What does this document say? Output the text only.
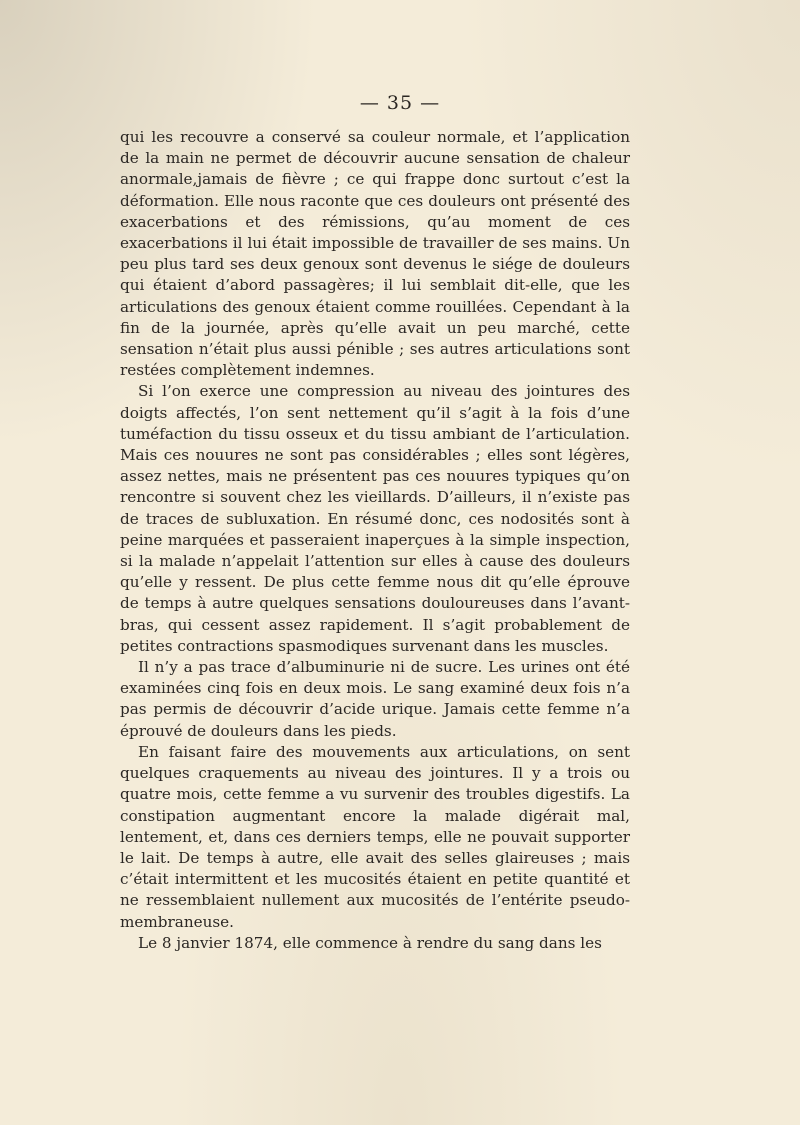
— 35 —

qui les recouvre a conservé sa couleur normale, et l’application de la main ne permet de découvrir aucune sensation de chaleur anormale,jamais de fièvre ; ce qui frappe donc surtout c’est la déformation. Elle nous raconte que ces douleurs ont présenté des exacerbations et des rémissions, qu’au moment de ces exacerbations il lui était impossible de travailler de ses mains. Un peu plus tard ses deux genoux sont devenus le siége de douleurs qui étaient d’abord passagères; il lui semblait dit-elle, que les articulations des genoux étaient comme rouillées. Cependant à la fin de la journée, après qu’elle avait un peu marché, cette sensation n’était plus aussi pénible ; ses autres articulations sont restées complètement indemnes.

Si l’on exerce une compression au niveau des jointures des doigts affectés, l’on sent nettement qu’il s’agit à la fois d’une tuméfaction du tissu osseux et du tissu ambiant de l’articulation. Mais ces nouures ne sont pas considérables ; elles sont légères, assez nettes, mais ne présentent pas ces nouures typiques qu’on rencontre si souvent chez les vieillards. D’ailleurs, il n’existe pas de traces de subluxation. En résumé donc, ces nodosités sont à peine marquées et passeraient inaperçues à la simple inspection, si la malade n’appelait l’attention sur elles à cause des douleurs qu’elle y ressent. De plus cette femme nous dit qu’elle éprouve de temps à autre quelques sensations douloureuses dans l’avant-bras, qui cessent assez rapidement. Il s’agit probablement de petites contractions spasmodiques survenant dans les muscles.

Il n’y a pas trace d’albuminurie ni de sucre. Les urines ont été examinées cinq fois en deux mois. Le sang examiné deux fois n’a pas permis de découvrir d’acide urique. Jamais cette femme n’a éprouvé de douleurs dans les pieds.

En faisant faire des mouvements aux articulations, on sent quelques craquements au niveau des jointures. Il y a trois ou quatre mois, cette femme a vu survenir des troubles digestifs. La constipation augmentant encore la malade digérait mal, lentement, et, dans ces derniers temps, elle ne pouvait supporter le lait. De temps à autre, elle avait des selles glaireuses ; mais c’était intermittent et les mucosités étaient en petite quantité et ne ressemblaient nullement aux mucosités de l’entérite pseudo-membraneuse.

Le 8 janvier 1874, elle commence à rendre du sang dans les
